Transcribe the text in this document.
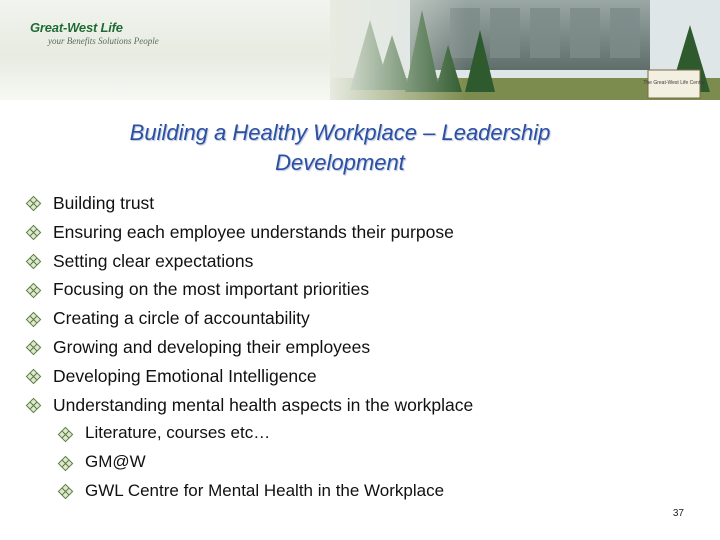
Great-West Life
your Benefits Solutions People
The Great-West Life Centre
Building a Healthy Workplace – Leadership
Development
Building trust
Ensuring each employee understands their purpose
Setting clear expectations
Focusing on the most important priorities
Creating a circle of accountability
Growing and developing their employees
Developing Emotional Intelligence
Understanding mental health aspects in the workplace
Literature, courses etc…
GM@W
GWL Centre for Mental Health in the Workplace
37
